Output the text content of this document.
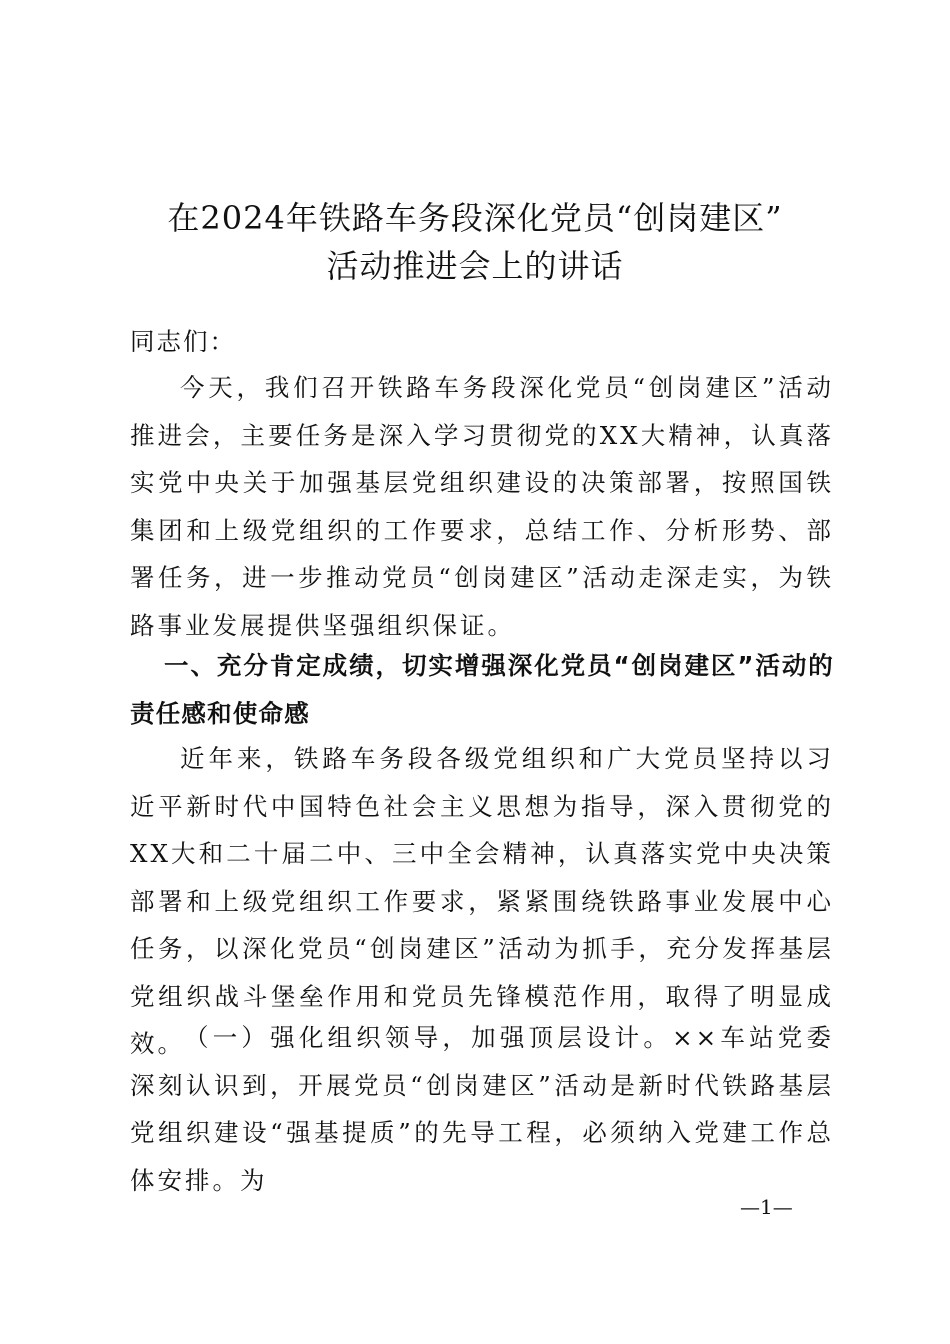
在2024年铁路车务段深化党员“创岗建区”
活动推进会上的讲话

同志们：

今天，我们召开铁路车务段深化党员“创岗建区”活动推进会，主要任务是深入学习贯彻党的XX大精神，认真落实党中央关于加强基层党组织建设的决策部署，按照国铁集团和上级党组织的工作要求，总结工作、分析形势、部署任务，进一步推动党员“创岗建区”活动走深走实，为铁路事业发展提供坚强组织保证。

一、充分肯定成绩，切实增强深化党员“创岗建区”活动的责任感和使命感

近年来，铁路车务段各级党组织和广大党员坚持以习近平新时代中国特色社会主义思想为指导，深入贯彻党的XX大和二十届二中、三中全会精神，认真落实党中央决策部署和上级党组织工作要求，紧紧围绕铁路事业发展中心任务，以深化党员“创岗建区”活动为抓手，充分发挥基层党组织战斗堡垒作用和党员先锋模范作用，取得了明显成效。 （一）强化组织领导，加强顶层设计。××车站党委深刻认识到，开展党员“创岗建区”活动是新时代铁路基层党组织建设“强基提质”的先导工程，必须纳入党建工作总体安排。为

—1—
